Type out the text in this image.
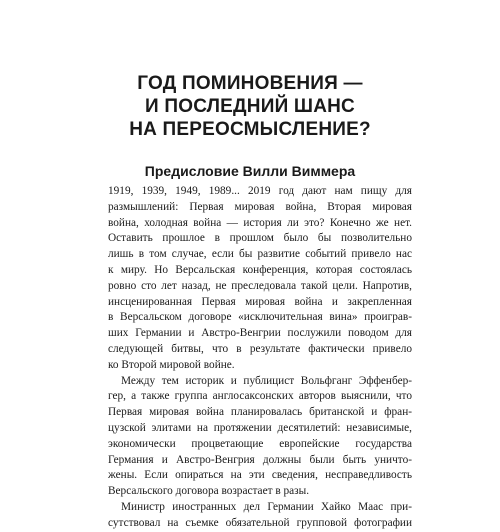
ГОД ПОМИНОВЕНИЯ —
И ПОСЛЕДНИЙ ШАНС
НА ПЕРЕОСМЫСЛЕНИЕ?
Предисловие Вилли Виммера
1919, 1939, 1949, 1989... 2019 год дают нам пищу для
размышлений: Первая мировая война, Вторая мировая
война, холодная война — история ли это? Конечно же нет.
Оставить прошлое в прошлом было бы позволительно
лишь в том случае, если бы развитие событий привело нас
к миру. Но Версальская конференция, которая состоялась
ровно сто лет назад, не преследовала такой цели. Напротив,
инсценированная Первая мировая война и закрепленная
в Версальском договоре «исключительная вина» проиграв-
ших Германии и Австро-Венгрии послужили поводом для
следующей битвы, что в результате фактически привело
ко Второй мировой войне.
Между тем историк и публицист Вольфганг Эффенбер-
гер, а также группа англосаксонских авторов выяснили, что
Первая мировая война планировалась британской и фран-
цузской элитами на протяжении десятилетий: независимые,
экономически процветающие европейские государства
Германия и Австро-Венгрия должны были быть уничто-
жены. Если опираться на эти сведения, несправедливость
Версальского договора возрастает в разы.
Министр иностранных дел Германии Хайко Маас при-
сутствовал на съемке обязательной групповой фотографии
